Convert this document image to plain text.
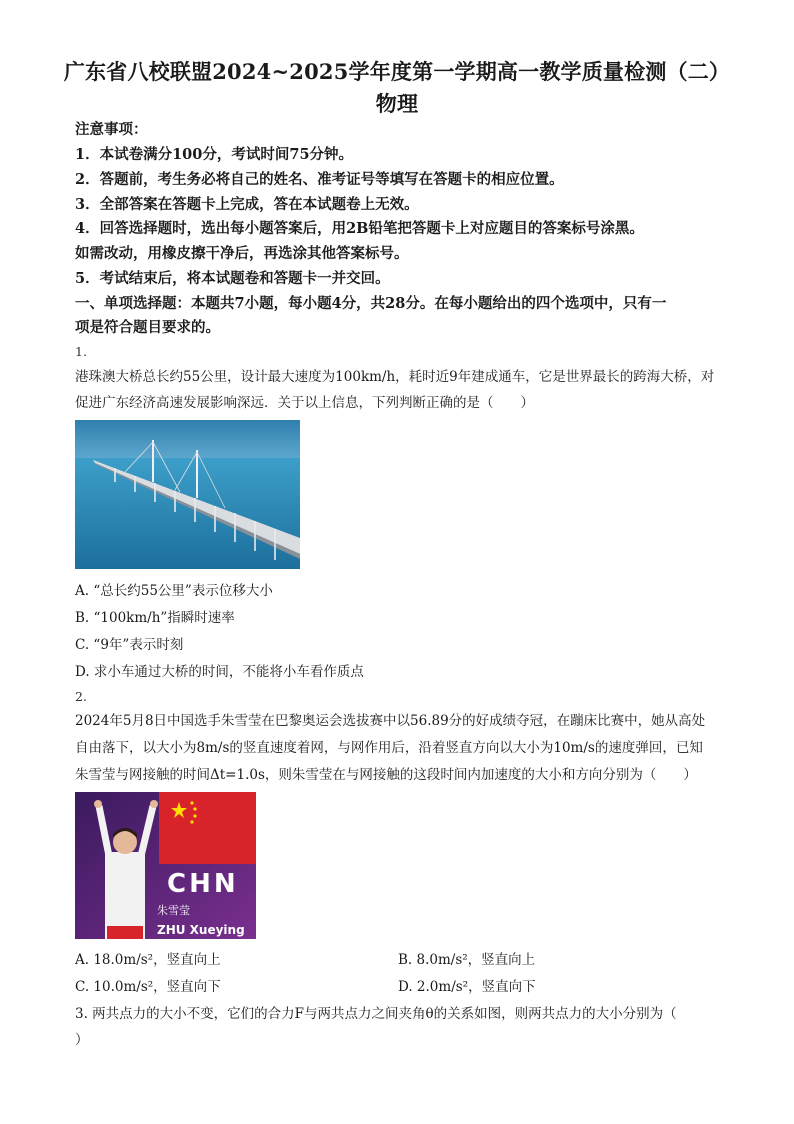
广东省八校联盟2024~2025学年度第一学期高一教学质量检测（二）
物理
注意事项：
1．本试卷满分100分，考试时间75分钟。
2．答题前，考生务必将自己的姓名、准考证号等填写在答题卡的相应位置。
3．全部答案在答题卡上完成，答在本试题卷上无效。
4．回答选择题时，选出每小题答案后，用2B铅笔把答题卡上对应题目的答案标号涂黑。
如需改动，用橡皮擦干净后，再选涂其他答案标号。
5．考试结束后，将本试题卷和答题卡一并交回。
一、单项选择题：本题共7小题，每小题4分，共28分。在每小题给出的四个选项中，只有一
项是符合题目要求的。
1.
港珠澳大桥总长约55公里，设计最大速度为100km/h，耗时近9年建成通车，它是世界最长的跨海大桥，对
促进广东经济高速发展影响深远．关于以上信息，下列判断正确的是（　　）
A. “总长约55公里”表示位移大小
B. “100km/h”指瞬时速率
C. “9年”表示时刻
D. 求小车通过大桥的时间，不能将小车看作质点
2.
2024年5月8日中国选手朱雪莹在巴黎奥运会选拔赛中以56.89分的好成绩夺冠，在蹦床比赛中，她从高处
自由落下，以大小为8m/s的竖直速度着网，与网作用后，沿着竖直方向以大小为10m/s的速度弹回，已知
朱雪莹与网接触的时间Δt=1.0s，则朱雪莹在与网接触的这段时间内加速度的大小和方向分别为（　　）
CHN
朱雪莹
ZHU Xueying
A. 18.0m/s²，竖直向上	B. 8.0m/s²，竖直向上
C. 10.0m/s²，竖直向下	D. 2.0m/s²，竖直向下
3. 两共点力的大小不变，它们的合力F与两共点力之间夹角θ的关系如图，则两共点力的大小分别为（
）
